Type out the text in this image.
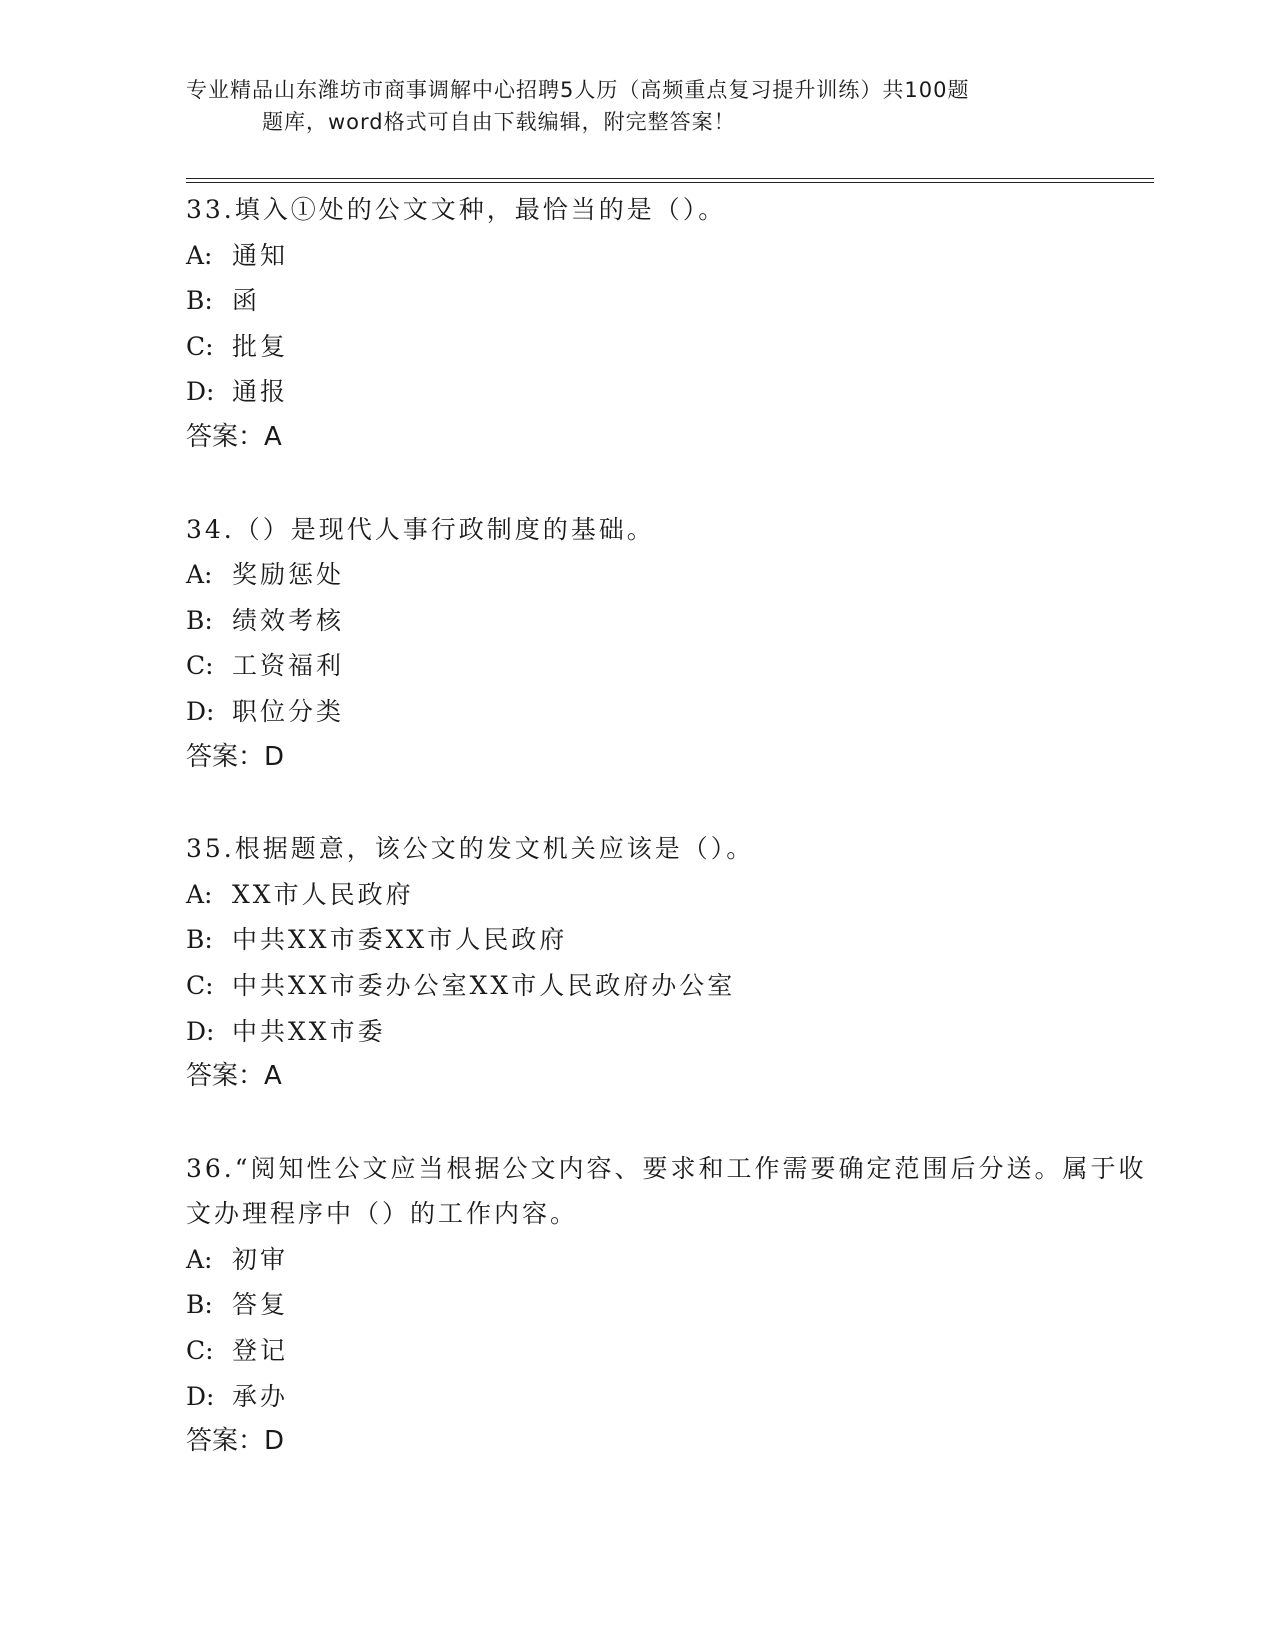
专业精品山东潍坊市商事调解中心招聘5人历（高频重点复习提升训练）共100题
题库，word格式可自由下载编辑，附完整答案！
33.填入①处的公文文种，最恰当的是（）。
A: 通知
B: 函
C: 批复
D: 通报
答案：A
34.（）是现代人事行政制度的基础。
A: 奖励惩处
B: 绩效考核
C: 工资福利
D: 职位分类
答案：D
35.根据题意，该公文的发文机关应该是（）。
A: XX市人民政府
B: 中共XX市委XX市人民政府
C: 中共XX市委办公室XX市人民政府办公室
D: 中共XX市委
答案：A
36.“阅知性公文应当根据公文内容、要求和工作需要确定范围后分送。属于收文办理程序中（）的工作内容。
A: 初审
B: 答复
C: 登记
D: 承办
答案：D
